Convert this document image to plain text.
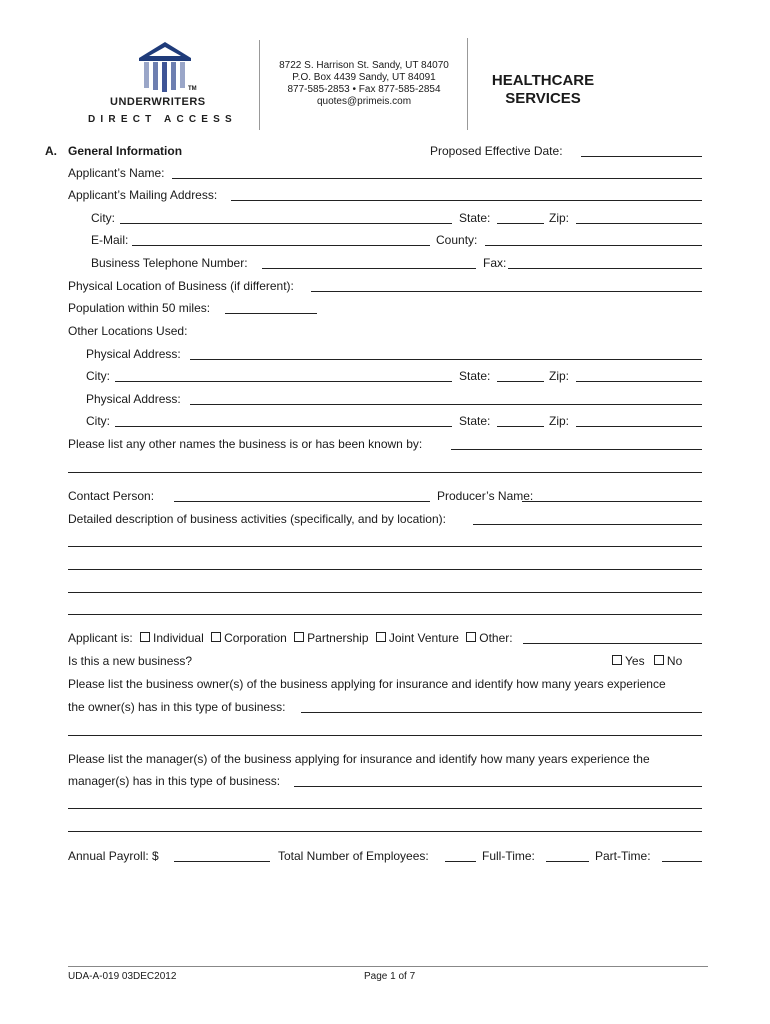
TM
UNDERWRITERS
DIRECT ACCESS
8722 S. Harrison St. Sandy, UT 84070
P.O. Box 4439 Sandy, UT 84091
877-585-2853 • Fax 877-585-2854
quotes@primeis.com
HEALTHCARE
SERVICES
A. General Information	Proposed Effective Date:
Applicant’s Name:
Applicant’s Mailing Address:
City:	State:	Zip:
E-Mail:	County:
Business Telephone Number:	Fax:
Physical Location of Business (if different):
Population within 50 miles:
Other Locations Used:
Physical Address:
City:	State:	Zip:
Physical Address:
City:	State:	Zip:
Please list any other names the business is or has been known by:
Contact Person:	Producer’s Name:
Detailed description of business activities (specifically, and by location):
Applicant is: Individual Corporation Partnership Joint Venture Other:
Is this a new business?	Yes No
Please list the business owner(s) of the business applying for insurance and identify how many years experience
the owner(s) has in this type of business:
Please list the manager(s) of the business applying for insurance and identify how many years experience the
manager(s) has in this type of business:
Annual Payroll: $	Total Number of Employees:	Full-Time:	Part-Time:
UDA-A-019 03DEC2012	Page 1 of 7
